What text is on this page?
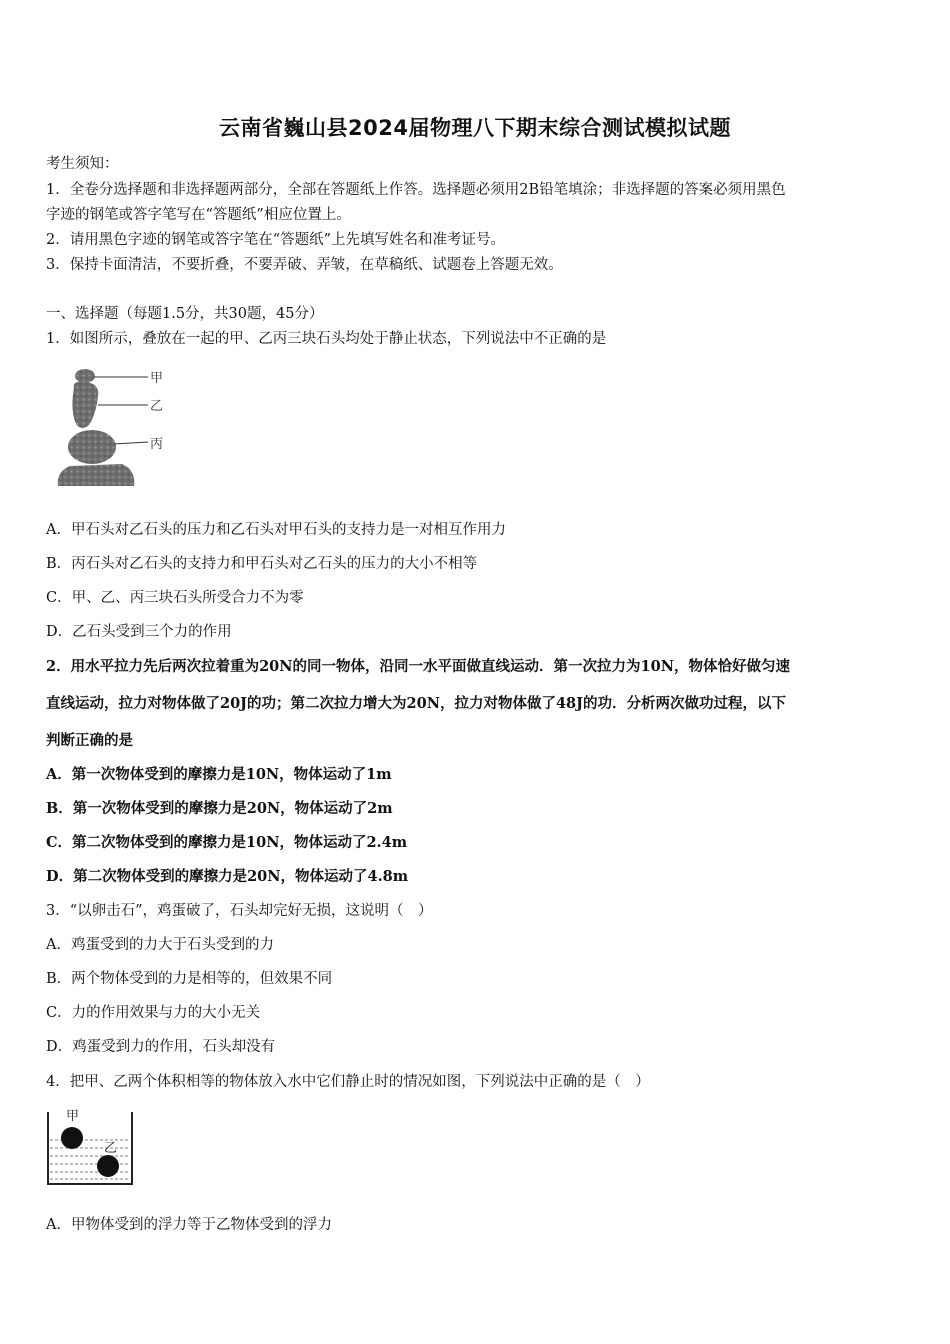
云南省巍山县2024届物理八下期末综合测试模拟试题
考生须知：
1．全卷分选择题和非选择题两部分，全部在答题纸上作答。选择题必须用2B铅笔填涂；非选择题的答案必须用黑色
字迹的钢笔或答字笔写在“答题纸”相应位置上。
2．请用黑色字迹的钢笔或答字笔在“答题纸”上先填写姓名和准考证号。
3．保持卡面清洁，不要折叠，不要弄破、弄皱，在草稿纸、试题卷上答题无效。
一、选择题（每题1.5分，共30题，45分）
1．如图所示，叠放在一起的甲、乙丙三块石头均处于静止状态，下列说法中不正确的是
甲
乙
丙
A．甲石头对乙石头的压力和乙石头对甲石头的支持力是一对相互作用力
B．丙石头对乙石头的支持力和甲石头对乙石头的压力的大小不相等
C．甲、乙、丙三块石头所受合力不为零
D．乙石头受到三个力的作用
2．用水平拉力先后两次拉着重为20N的同一物体，沿同一水平面做直线运动．第一次拉力为10N，物体恰好做匀速
直线运动，拉力对物体做了20J的功；第二次拉力增大为20N，拉力对物体做了48J的功．分析两次做功过程，以下
判断正确的是
A．第一次物体受到的摩擦力是10N，物体运动了1m
B．第一次物体受到的摩擦力是20N，物体运动了2m
C．第二次物体受到的摩擦力是10N，物体运动了2.4m
D．第二次物体受到的摩擦力是20N，物体运动了4.8m
3．“以卵击石”，鸡蛋破了，石头却完好无损，这说明（　）
A．鸡蛋受到的力大于石头受到的力
B．两个物体受到的力是相等的，但效果不同
C．力的作用效果与力的大小无关
D．鸡蛋受到力的作用，石头却没有
4．把甲、乙两个体积相等的物体放入水中它们静止时的情况如图，下列说法中正确的是（　）
甲
乙
A．甲物体受到的浮力等于乙物体受到的浮力
